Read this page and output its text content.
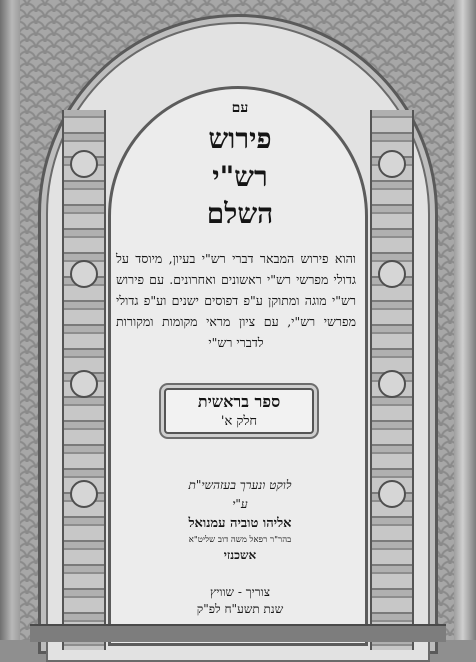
עם
פירוש
רש"י
השלם
והוא פירוש המבאר דברי רש"י בעיון, מיוסד על גדולי מפרשי רש"י ראשונים ואחרונים. עם פירוש רש"י מוגה ומתוקן ע"פ דפוסים ישנים וע"פ גדולי מפרשי רש"י, עם ציון מראי מקומות ומקורות לדברי רש"י
ספר בראשית
חלק א'
לוקט ונערך בעזהשי"ת
ע"י
אליהו טוביה עמנואל
בהר"ר רפאל משה דוב שליט"א
אשכנזי
צוריך - שוויץ
שנת תשע"ח לפ"ק
